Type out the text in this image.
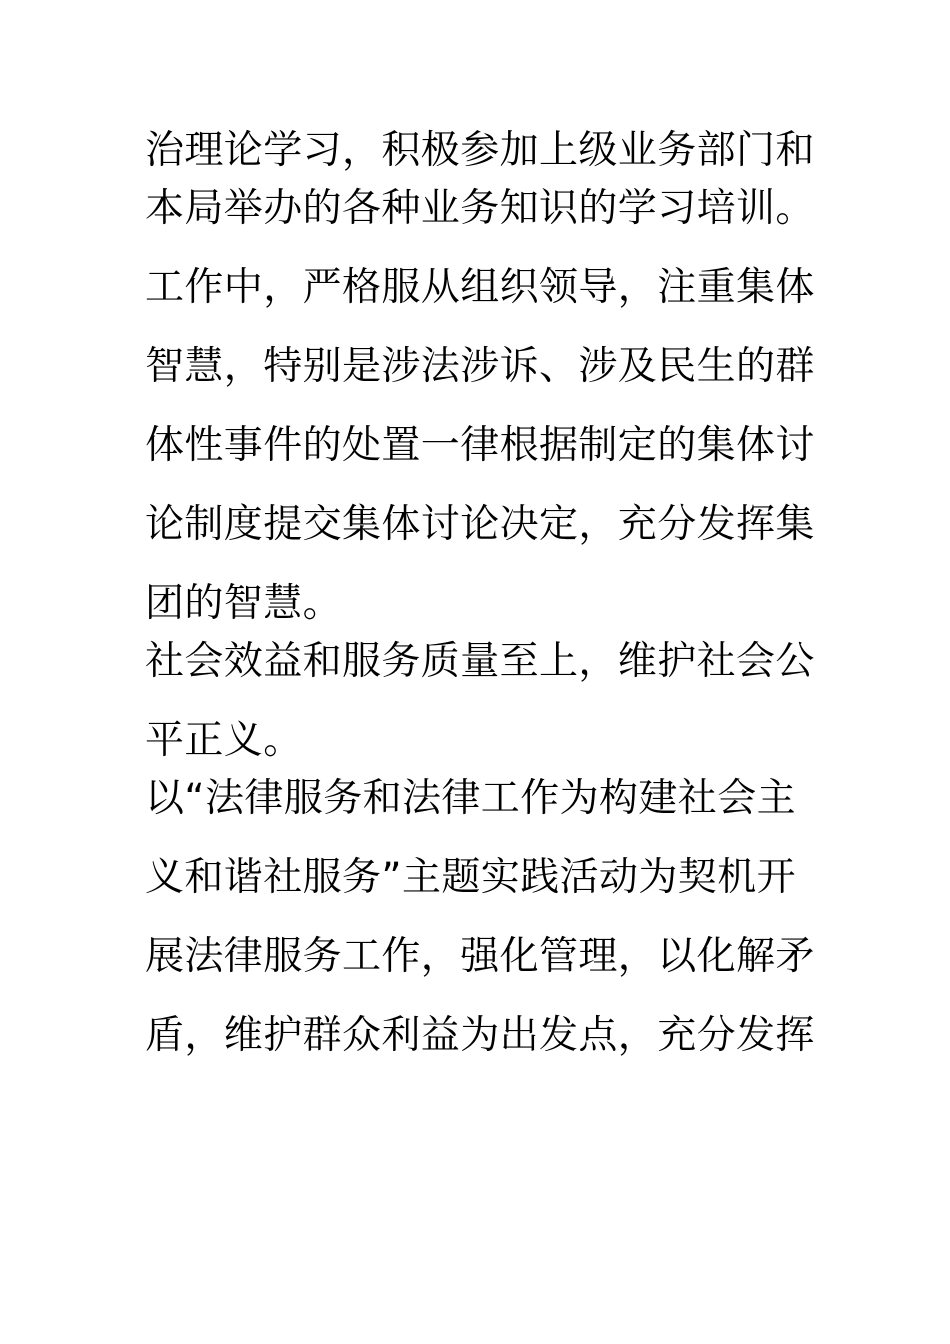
治理论学习，积极参加上级业务部门和
本局举办的各种业务知识的学习培训。
工作中，严格服从组织领导，注重集体
智慧，特别是涉法涉诉、涉及民生的群
体性事件的处置一律根据制定的集体讨
论制度提交集体讨论决定，充分发挥集
团的智慧。
社会效益和服务质量至上，维护社会公
平正义。
以“法律服务和法律工作为构建社会主
义和谐社服务”主题实践活动为契机开
展法律服务工作，强化管理，以化解矛
盾，维护群众利益为出发点，充分发挥
